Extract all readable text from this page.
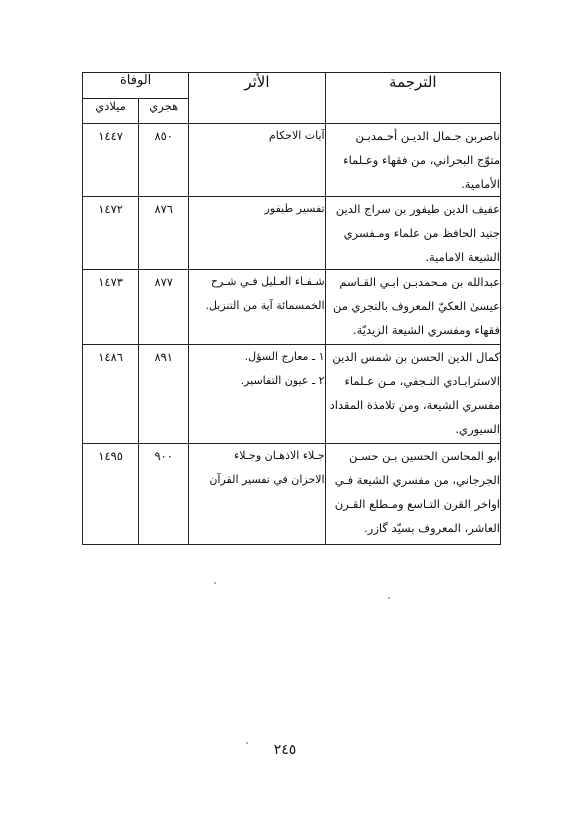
الترجمة	الأثر	الوفاة	
		هجري	ميلادي

ناصربن جـمال الديـن أحـمدبـن
متوّج البحراني، من فقهاء وعـلماء
الأمامية.	آيات الاحكام	٨٥٠	١٤٤٧

عفيف الدين طيفور بن سراج الدين
جنيد الحافظ من علماء ومـفسري
الشيعة الامامية.	تفسير طيفور	٨٧٦	١٤٧٢

عبدالله بن مـحمدبـن ابـي القـاسم
عيسىٰ العكيّ المعروف بالنجري من
فقهاء ومفسري الشيعة الزيديّة.	شـفـاء العـليل فـي شـرح
الخمسمائة آية من التنزيل.	٨٧٧	١٤٧٣

كمال الدين الحسن بن شمس الدين
الاسترابـادي النـجفي، مـن عـلماء
مفسري الشيعة، ومن تلامذة المقداد
السيوري.	١ ـ معارج السؤل.
٢ ـ عيون التفاسير.	٨٩١	١٤٨٦

ابو المحاسن الحسين بـن حسـن
الجرجاني، من مفسري الشيعة فـي
اواخر القرن التـاسع ومـطلع القـرن
العاشر، المعروف بسيّد گازر.	جـلاء الاذهـان وجـلاء
الاحزان في تفسير القرآن	٩٠٠	١٤٩٥
٢٤٥
